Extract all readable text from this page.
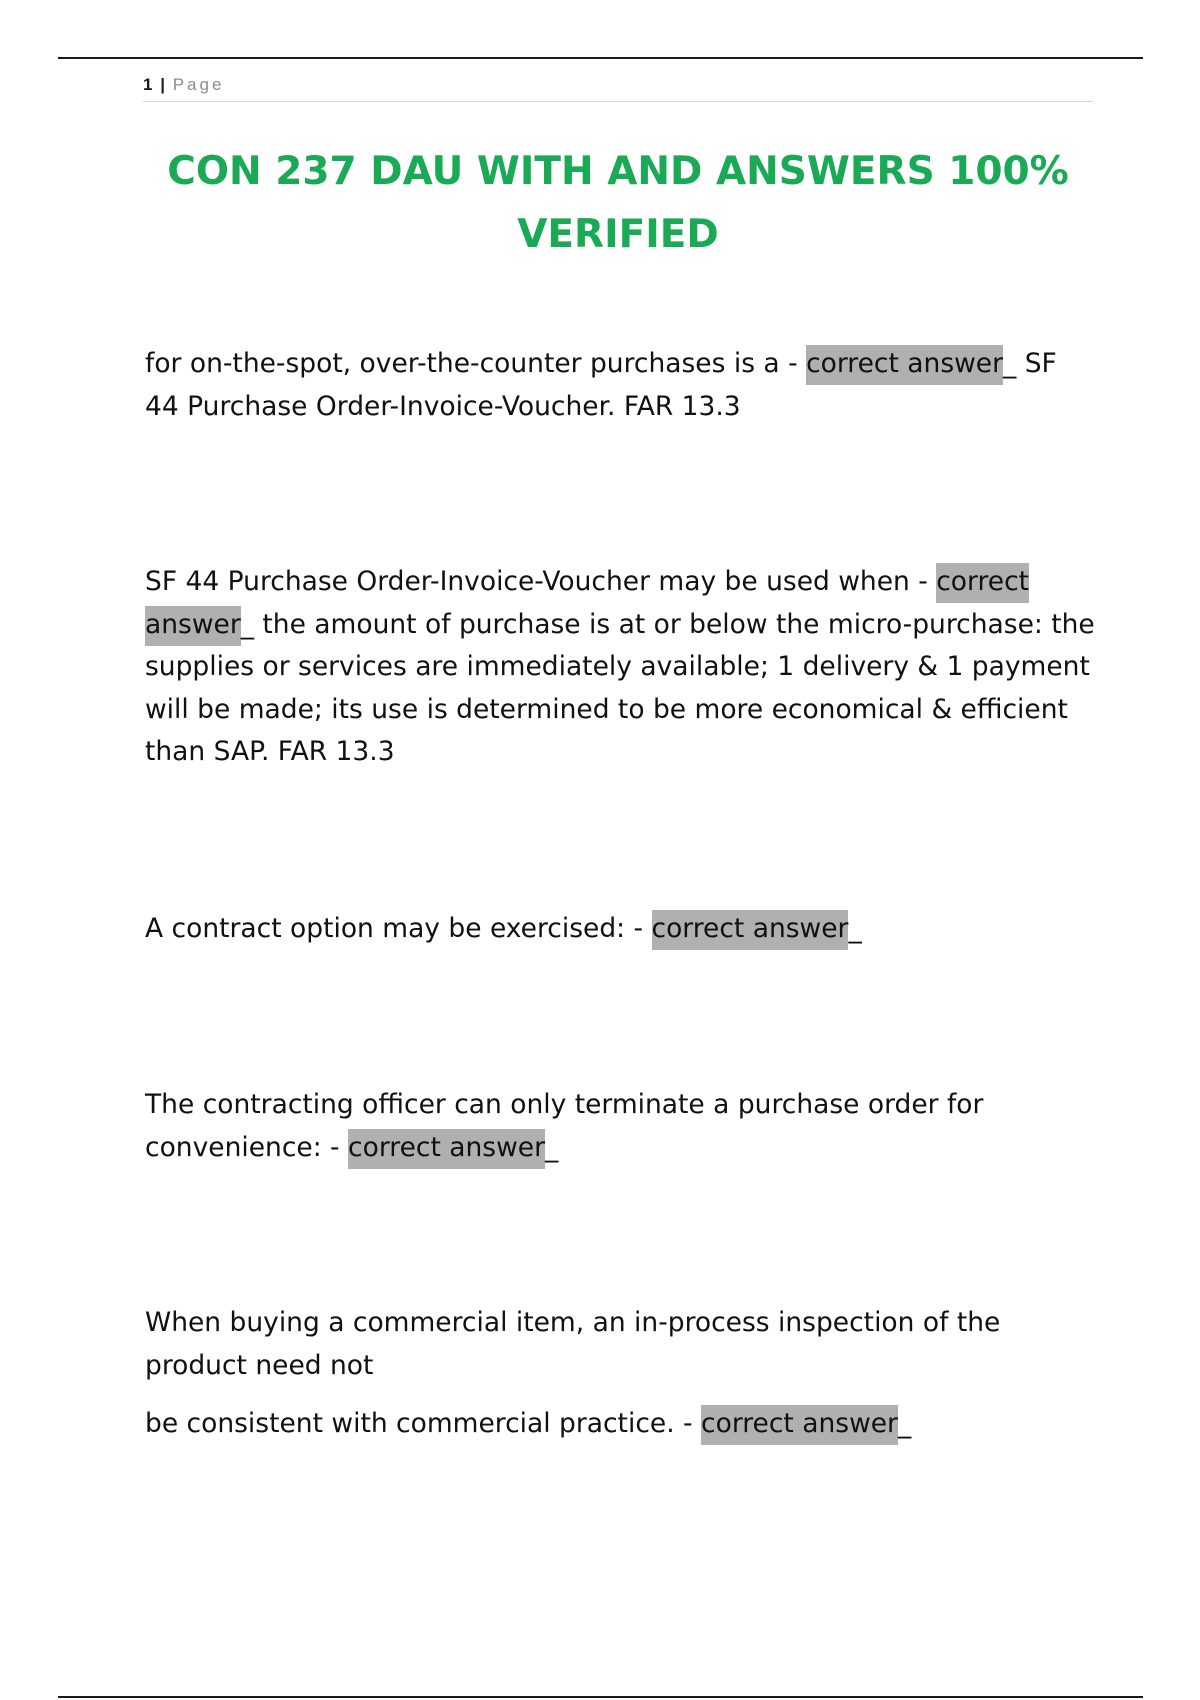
1 | Page
CON 237 DAU WITH AND ANSWERS 100% VERIFIED

for on-the-spot, over-the-counter purchases is a - correct answer_ SF 44 Purchase Order-Invoice-Voucher. FAR 13.3

SF 44 Purchase Order-Invoice-Voucher may be used when - correct answer_ the amount of purchase is at or below the micro-purchase: the supplies or services are immediately available; 1 delivery & 1 payment will be made; its use is determined to be more economical & efficient than SAP. FAR 13.3

A contract option may be exercised: - correct answer_

The contracting officer can only terminate a purchase order for convenience: - correct answer_

When buying a commercial item, an in-process inspection of the product need not

be consistent with commercial practice. - correct answer_
